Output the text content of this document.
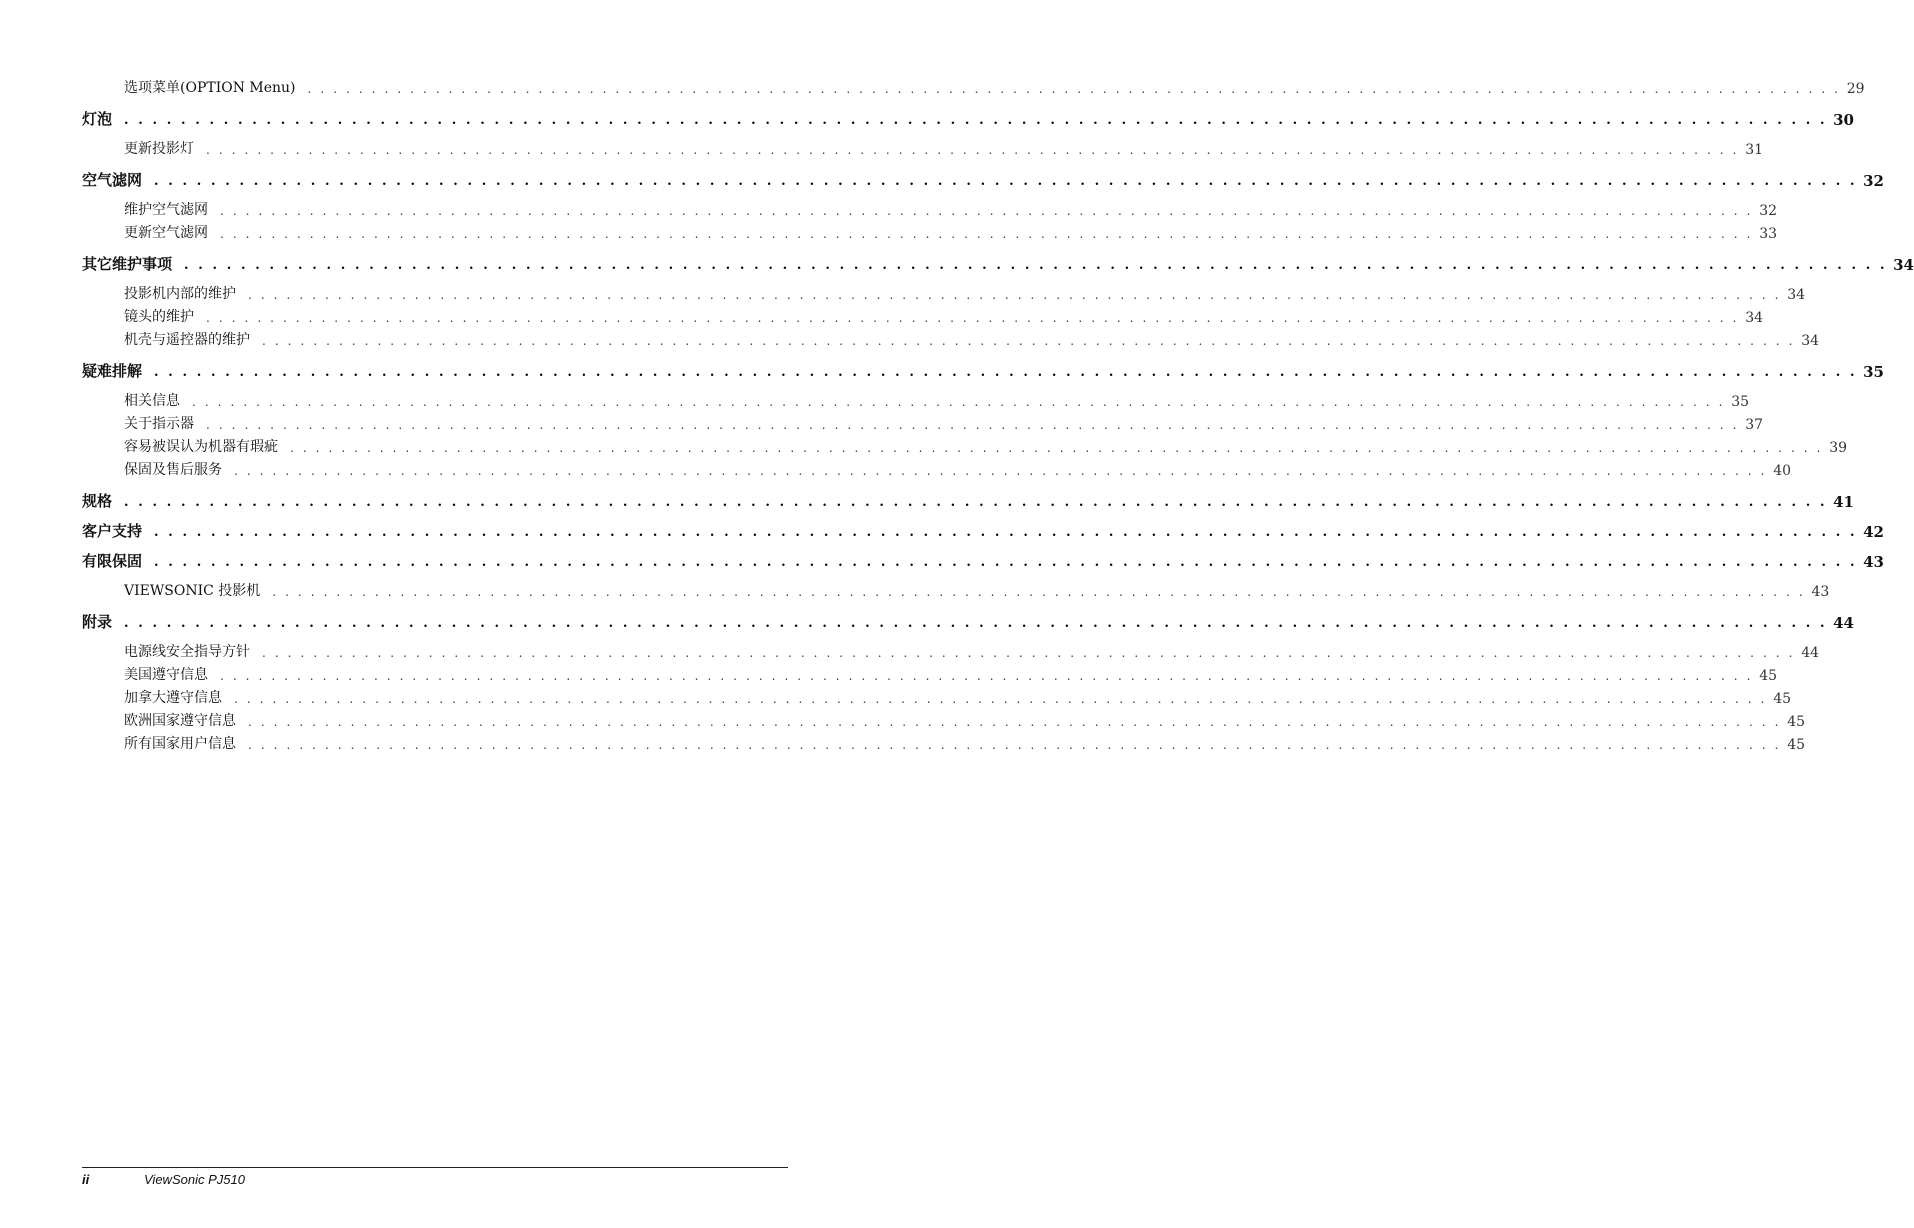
选项菜单(OPTION Menu)	. . . . . . . . . . . . . . . . . . . . . . . . . . . . . . . . . . . . . . . . . . . . . . . . . . . . . . . . . . . . . . . . . . . . . . . . . . . . . . . . . . . . . . . . . . . . . . . . . . . . . . . . . . . . . . . . . . . . . . . . 29
灯泡 . . . . . . . . . . . . . . . . . . . . . . . . . . . . . . . . . . . . . . . . . . . . . . . . . . . . . . . . . . . . . . . . . . . . . . . . . . . . . . . . . . . . . . . . . . . . . . . . . . . . . . . . . . . . . . . . . . . . . . . . 30
更新投影灯	. . . . . . . . . . . . . . . . . . . . . . . . . . . . . . . . . . . . . . . . . . . . . . . . . . . . . . . . . . . . . . . . . . . . . . . . . . . . . . . . . . . . . . . . . . . . . . . . . . . . . . . . . . . . . . . . . . . . . . . . 31
空气滤网 . . . . . . . . . . . . . . . . . . . . . . . . . . . . . . . . . . . . . . . . . . . . . . . . . . . . . . . . . . . . . . . . . . . . . . . . . . . . . . . . . . . . . . . . . . . . . . . . . . . . . . . . . . . . . . . . . . . . . . . . 32
维护空气滤网	. . . . . . . . . . . . . . . . . . . . . . . . . . . . . . . . . . . . . . . . . . . . . . . . . . . . . . . . . . . . . . . . . . . . . . . . . . . . . . . . . . . . . . . . . . . . . . . . . . . . . . . . . . . . . . . . . . . . . . . . 32
更新空气滤网	. . . . . . . . . . . . . . . . . . . . . . . . . . . . . . . . . . . . . . . . . . . . . . . . . . . . . . . . . . . . . . . . . . . . . . . . . . . . . . . . . . . . . . . . . . . . . . . . . . . . . . . . . . . . . . . . . . . . . . . . 33
其它维护事项 . . . . . . . . . . . . . . . . . . . . . . . . . . . . . . . . . . . . . . . . . . . . . . . . . . . . . . . . . . . . . . . . . . . . . . . . . . . . . . . . . . . . . . . . . . . . . . . . . . . . . . . . . . . . . . . . . . . . . . . . 34
投影机内部的维护	. . . . . . . . . . . . . . . . . . . . . . . . . . . . . . . . . . . . . . . . . . . . . . . . . . . . . . . . . . . . . . . . . . . . . . . . . . . . . . . . . . . . . . . . . . . . . . . . . . . . . . . . . . . . . . . . . . . . . . . . 34
镜头的维护	. . . . . . . . . . . . . . . . . . . . . . . . . . . . . . . . . . . . . . . . . . . . . . . . . . . . . . . . . . . . . . . . . . . . . . . . . . . . . . . . . . . . . . . . . . . . . . . . . . . . . . . . . . . . . . . . . . . . . . . . 34
机壳与遥控器的维护	. . . . . . . . . . . . . . . . . . . . . . . . . . . . . . . . . . . . . . . . . . . . . . . . . . . . . . . . . . . . . . . . . . . . . . . . . . . . . . . . . . . . . . . . . . . . . . . . . . . . . . . . . . . . . . . . . . . . . . . . 34
疑难排解 . . . . . . . . . . . . . . . . . . . . . . . . . . . . . . . . . . . . . . . . . . . . . . . . . . . . . . . . . . . . . . . . . . . . . . . . . . . . . . . . . . . . . . . . . . . . . . . . . . . . . . . . . . . . . . . . . . . . . . . . 35
相关信息	. . . . . . . . . . . . . . . . . . . . . . . . . . . . . . . . . . . . . . . . . . . . . . . . . . . . . . . . . . . . . . . . . . . . . . . . . . . . . . . . . . . . . . . . . . . . . . . . . . . . . . . . . . . . . . . . . . . . . . . . 35
关于指示器	. . . . . . . . . . . . . . . . . . . . . . . . . . . . . . . . . . . . . . . . . . . . . . . . . . . . . . . . . . . . . . . . . . . . . . . . . . . . . . . . . . . . . . . . . . . . . . . . . . . . . . . . . . . . . . . . . . . . . . . . 37
容易被误认为机器有瑕疵	. . . . . . . . . . . . . . . . . . . . . . . . . . . . . . . . . . . . . . . . . . . . . . . . . . . . . . . . . . . . . . . . . . . . . . . . . . . . . . . . . . . . . . . . . . . . . . . . . . . . . . . . . . . . . . . . . . . . . . . . 39
保固及售后服务	. . . . . . . . . . . . . . . . . . . . . . . . . . . . . . . . . . . . . . . . . . . . . . . . . . . . . . . . . . . . . . . . . . . . . . . . . . . . . . . . . . . . . . . . . . . . . . . . . . . . . . . . . . . . . . . . . . . . . . . . 40
规格 . . . . . . . . . . . . . . . . . . . . . . . . . . . . . . . . . . . . . . . . . . . . . . . . . . . . . . . . . . . . . . . . . . . . . . . . . . . . . . . . . . . . . . . . . . . . . . . . . . . . . . . . . . . . . . . . . . . . . . . . 41
客户支持 . . . . . . . . . . . . . . . . . . . . . . . . . . . . . . . . . . . . . . . . . . . . . . . . . . . . . . . . . . . . . . . . . . . . . . . . . . . . . . . . . . . . . . . . . . . . . . . . . . . . . . . . . . . . . . . . . . . . . . . . 42
有限保固 . . . . . . . . . . . . . . . . . . . . . . . . . . . . . . . . . . . . . . . . . . . . . . . . . . . . . . . . . . . . . . . . . . . . . . . . . . . . . . . . . . . . . . . . . . . . . . . . . . . . . . . . . . . . . . . . . . . . . . . . 43
VIEWSONIC 投影机	. . . . . . . . . . . . . . . . . . . . . . . . . . . . . . . . . . . . . . . . . . . . . . . . . . . . . . . . . . . . . . . . . . . . . . . . . . . . . . . . . . . . . . . . . . . . . . . . . . . . . . . . . . . . . . . . . . . . . . . . 43
附录 . . . . . . . . . . . . . . . . . . . . . . . . . . . . . . . . . . . . . . . . . . . . . . . . . . . . . . . . . . . . . . . . . . . . . . . . . . . . . . . . . . . . . . . . . . . . . . . . . . . . . . . . . . . . . . . . . . . . . . . . 44
电源线安全指导方针	. . . . . . . . . . . . . . . . . . . . . . . . . . . . . . . . . . . . . . . . . . . . . . . . . . . . . . . . . . . . . . . . . . . . . . . . . . . . . . . . . . . . . . . . . . . . . . . . . . . . . . . . . . . . . . . . . . . . . . . . 44
美国遵守信息	. . . . . . . . . . . . . . . . . . . . . . . . . . . . . . . . . . . . . . . . . . . . . . . . . . . . . . . . . . . . . . . . . . . . . . . . . . . . . . . . . . . . . . . . . . . . . . . . . . . . . . . . . . . . . . . . . . . . . . . . 45
加拿大遵守信息	. . . . . . . . . . . . . . . . . . . . . . . . . . . . . . . . . . . . . . . . . . . . . . . . . . . . . . . . . . . . . . . . . . . . . . . . . . . . . . . . . . . . . . . . . . . . . . . . . . . . . . . . . . . . . . . . . . . . . . . . 45
欧洲国家遵守信息	. . . . . . . . . . . . . . . . . . . . . . . . . . . . . . . . . . . . . . . . . . . . . . . . . . . . . . . . . . . . . . . . . . . . . . . . . . . . . . . . . . . . . . . . . . . . . . . . . . . . . . . . . . . . . . . . . . . . . . . . 45
所有国家用户信息	. . . . . . . . . . . . . . . . . . . . . . . . . . . . . . . . . . . . . . . . . . . . . . . . . . . . . . . . . . . . . . . . . . . . . . . . . . . . . . . . . . . . . . . . . . . . . . . . . . . . . . . . . . . . . . . . . . . . . . . . 45
ii	ViewSonic PJ510
